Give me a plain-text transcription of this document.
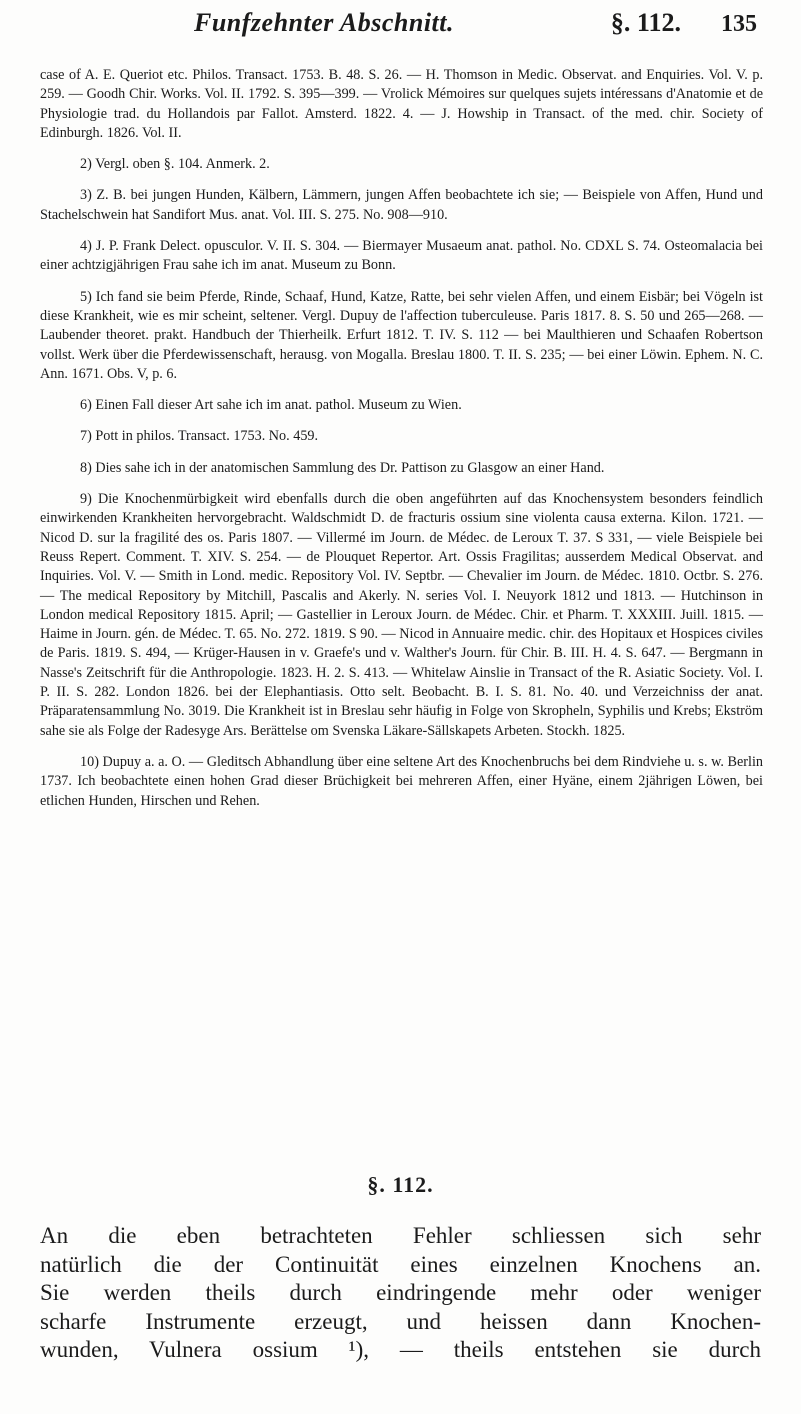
Funfzehnter Abschnitt.	§. 112. 135

case of A. E. Queriot etc. Philos. Transact. 1753. B. 48. S. 26. — H. Thomson in Medic. Observat. and Enquiries. Vol. V. p. 259. — Goodh Chir. Works. Vol. II. 1792. S. 395—399. — Vrolick Mémoires sur quelques sujets intéressans d'Anatomie et de Physiologie trad. du Hollandois par Fallot. Amsterd. 1822. 4. — J. Howship in Transact. of the med. chir. Society of Edinburgh. 1826. Vol. II.

2) Vergl. oben §. 104. Anmerk. 2.

3) Z. B. bei jungen Hunden, Kälbern, Lämmern, jungen Affen beobachtete ich sie; — Beispiele von Affen, Hund und Stachelschwein hat Sandifort Mus. anat. Vol. III. S. 275. No. 908—910.

4) J. P. Frank Delect. opusculor. V. II. S. 304. — Biermayer Musaeum anat. pathol. No. CDXL S. 74. Osteomalacia bei einer achtzigjährigen Frau sahe ich im anat. Museum zu Bonn.

5) Ich fand sie beim Pferde, Rinde, Schaaf, Hund, Katze, Ratte, bei sehr vielen Affen, und einem Eisbär; bei Vögeln ist diese Krankheit, wie es mir scheint, seltener. Vergl. Dupuy de l'affection tuberculeuse. Paris 1817. 8. S. 50 und 265—268. — Laubender theoret. prakt. Handbuch der Thierheilk. Erfurt 1812. T. IV. S. 112 — bei Maulthieren und Schaafen Robertson vollst. Werk über die Pferdewissenschaft, herausg. von Mogalla. Breslau 1800. T. II. S. 235; — bei einer Löwin. Ephem. N. C. Ann. 1671. Obs. V, p. 6.

6) Einen Fall dieser Art sahe ich im anat. pathol. Museum zu Wien.

7) Pott in philos. Transact. 1753. No. 459.

8) Dies sahe ich in der anatomischen Sammlung des Dr. Pattison zu Glasgow an einer Hand.

9) Die Knochenmürbigkeit wird ebenfalls durch die oben angeführten auf das Knochensystem besonders feindlich einwirkenden Krankheiten hervorgebracht. Waldschmidt D. de fracturis ossium sine violenta causa externa. Kilon. 1721. — Nicod D. sur la fragilité des os. Paris 1807. — Villermé im Journ. de Médec. de Leroux T. 37. S 331, — viele Beispiele bei Reuss Repert. Comment. T. XIV. S. 254. — de Plouquet Repertor. Art. Ossis Fragilitas; ausserdem Medical Observat. and Inquiries. Vol. V. — Smith in Lond. medic. Repository Vol. IV. Septbr. — Chevalier im Journ. de Médec. 1810. Octbr. S. 276. — The medical Repository by Mitchill, Pascalis and Akerly. N. series Vol. I. Neuyork 1812 und 1813. — Hutchinson in London medical Repository 1815. April; — Gastellier in Leroux Journ. de Médec. Chir. et Pharm. T. XXXIII. Juill. 1815. — Haime in Journ. gén. de Médec. T. 65. No. 272. 1819. S 90. — Nicod in Annuaire medic. chir. des Hopitaux et Hospices civiles de Paris. 1819. S. 494, — Krüger-Hausen in v. Graefe's und v. Walther's Journ. für Chir. B. III. H. 4. S. 647. — Bergmann in Nasse's Zeitschrift für die Anthropologie. 1823. H. 2. S. 413. — Whitelaw Ainslie in Transact of the R. Asiatic Society. Vol. I. P. II. S. 282. London 1826. bei der Elephantiasis. Otto selt. Beobacht. B. I. S. 81. No. 40. und Verzeichniss der anat. Präparatensammlung No. 3019. Die Krankheit ist in Breslau sehr häufig in Folge von Skropheln, Syphilis und Krebs; Ekström sahe sie als Folge der Radesyge Ars. Berättelse om Svenska Läkare-Sällskapets Arbeten. Stockh. 1825.

10) Dupuy a. a. O. — Gleditsch Abhandlung über eine seltene Art des Knochenbruchs bei dem Rindviehe u. s. w. Berlin 1737. Ich beobachtete einen hohen Grad dieser Brüchigkeit bei mehreren Affen, einer Hyäne, einem 2jährigen Löwen, bei etlichen Hunden, Hirschen und Rehen.

§. 112.
An die eben betrachteten Fehler schliessen sich sehr
natürlich die der Continuität eines einzelnen Knochens an.
Sie werden theils durch eindringende mehr oder weniger
scharfe Instrumente erzeugt, und heissen dann Knochen-
wunden, Vulnera ossium ¹), — theils entstehen sie durch
